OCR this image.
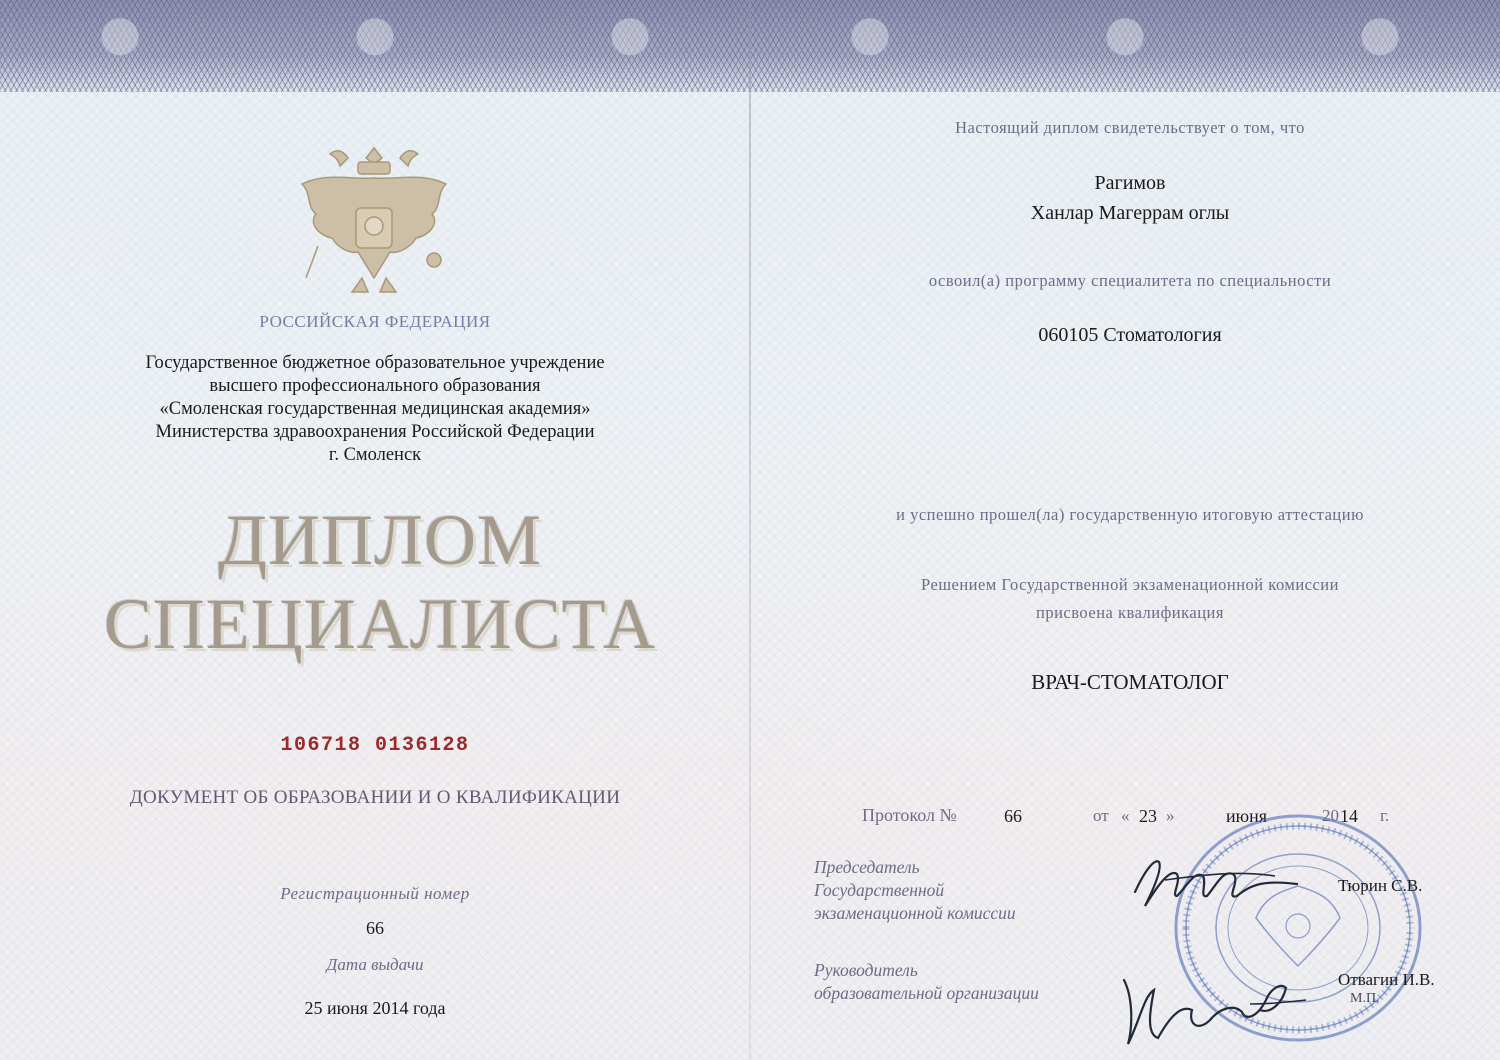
РОССИЙСКАЯ ФЕДЕРАЦИЯ
Государственное бюджетное образовательное учреждение
высшего профессионального образования
«Смоленская государственная медицинская академия»
Министерства здравоохранения Российской Федерации
г. Смоленск
ДИПЛОМ
СПЕЦИАЛИСТА
106718 0136128
ДОКУМЕНТ ОБ ОБРАЗОВАНИИ И О КВАЛИФИКАЦИИ
Регистрационный номер
66
Дата выдачи
25 июня 2014 года
Настоящий диплом свидетельствует о том, что
Рагимов
Ханлар Магеррам оглы
освоил(а) программу специалитета по специальности
060105 Стоматология
и успешно прошел(ла) государственную итоговую аттестацию
Решением Государственной экзаменационной комиссии
присвоена квалификация
ВРАЧ-СТОМАТОЛОГ
Протокол №	66	от « 23 »	июня	20 14 г.
Председатель
Государственной
экзаменационной комиссии
Тюрин С.В.
Руководитель
образовательной организации
Отвагин И.В.
М.П.
